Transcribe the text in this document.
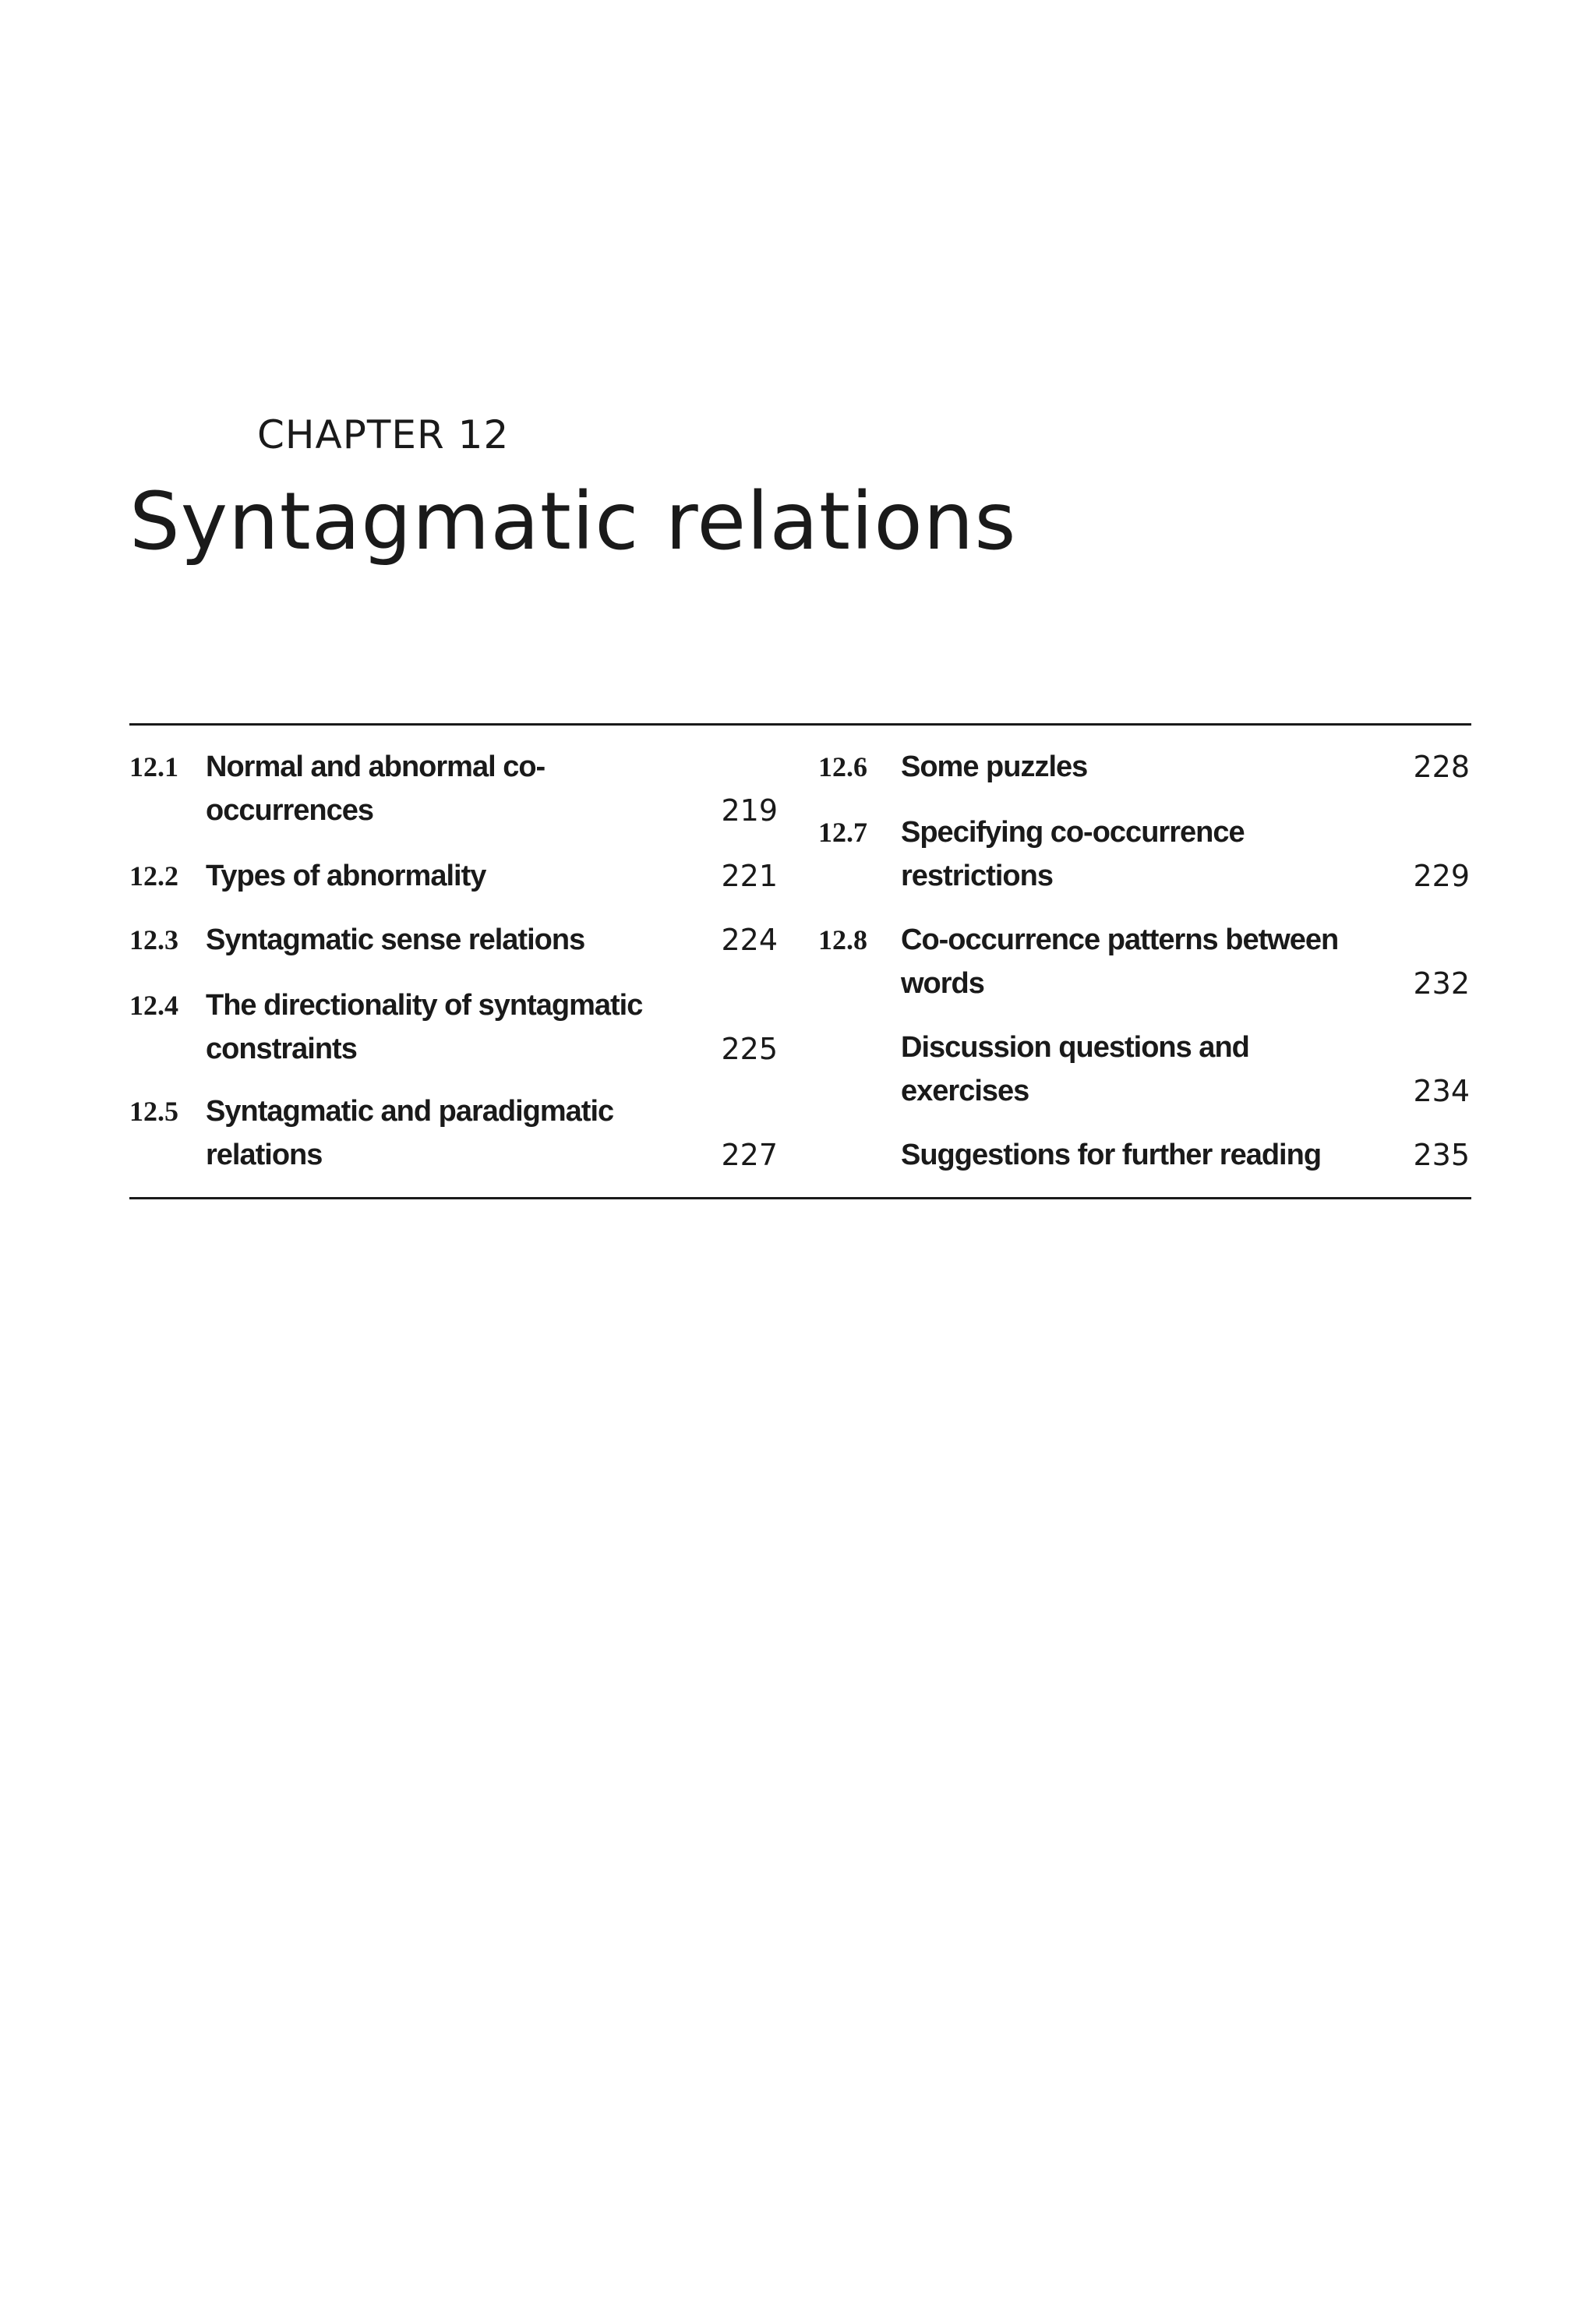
CHAPTER 12
Syntagmatic relations
12.1 Normal and abnormal co-
occurrences	219
12.2 Types of abnormality	221
12.3 Syntagmatic sense relations	224
12.4 The directionality of syntagmatic
constraints	225
12.5 Syntagmatic and paradigmatic
relations	227
12.6 Some puzzles	228
12.7 Specifying co-occurrence
restrictions	229
12.8 Co-occurrence patterns between
words	232
Discussion questions and
exercises	234
Suggestions for further reading	235
